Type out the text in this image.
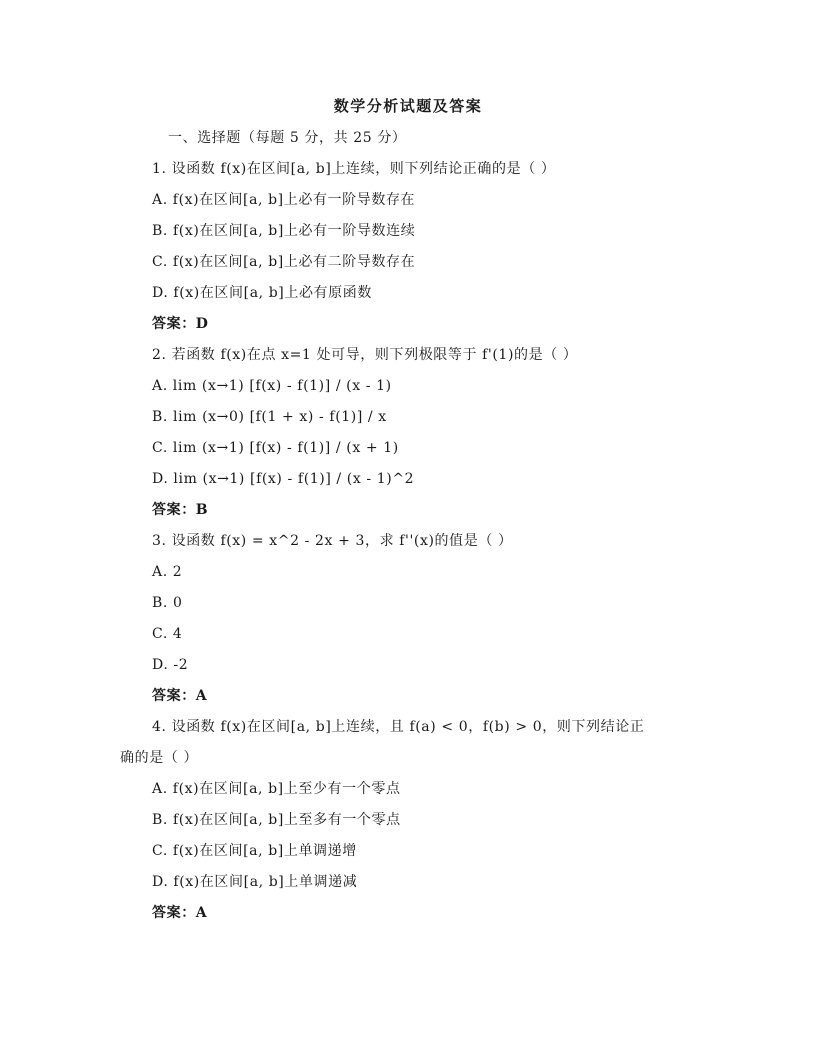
数学分析试题及答案
一、选择题（每题 5 分，共 25 分）
1. 设函数 f(x)在区间[a, b]上连续，则下列结论正确的是（ ）
A. f(x)在区间[a, b]上必有一阶导数存在
B. f(x)在区间[a, b]上必有一阶导数连续
C. f(x)在区间[a, b]上必有二阶导数存在
D. f(x)在区间[a, b]上必有原函数
答案：D
2. 若函数 f(x)在点 x=1 处可导，则下列极限等于 f'(1)的是（ ）
A. lim (x→1) [f(x) - f(1)] / (x - 1)
B. lim (x→0) [f(1 + x) - f(1)] / x
C. lim (x→1) [f(x) - f(1)] / (x + 1)
D. lim (x→1) [f(x) - f(1)] / (x - 1)^2
答案：B
3. 设函数 f(x) = x^2 - 2x + 3，求 f''(x)的值是（ ）
A. 2
B. 0
C. 4
D. -2
答案：A
4. 设函数 f(x)在区间[a, b]上连续，且 f(a) < 0，f(b) > 0，则下列结论正
确的是（ ）
A. f(x)在区间[a, b]上至少有一个零点
B. f(x)在区间[a, b]上至多有一个零点
C. f(x)在区间[a, b]上单调递增
D. f(x)在区间[a, b]上单调递减
答案：A
